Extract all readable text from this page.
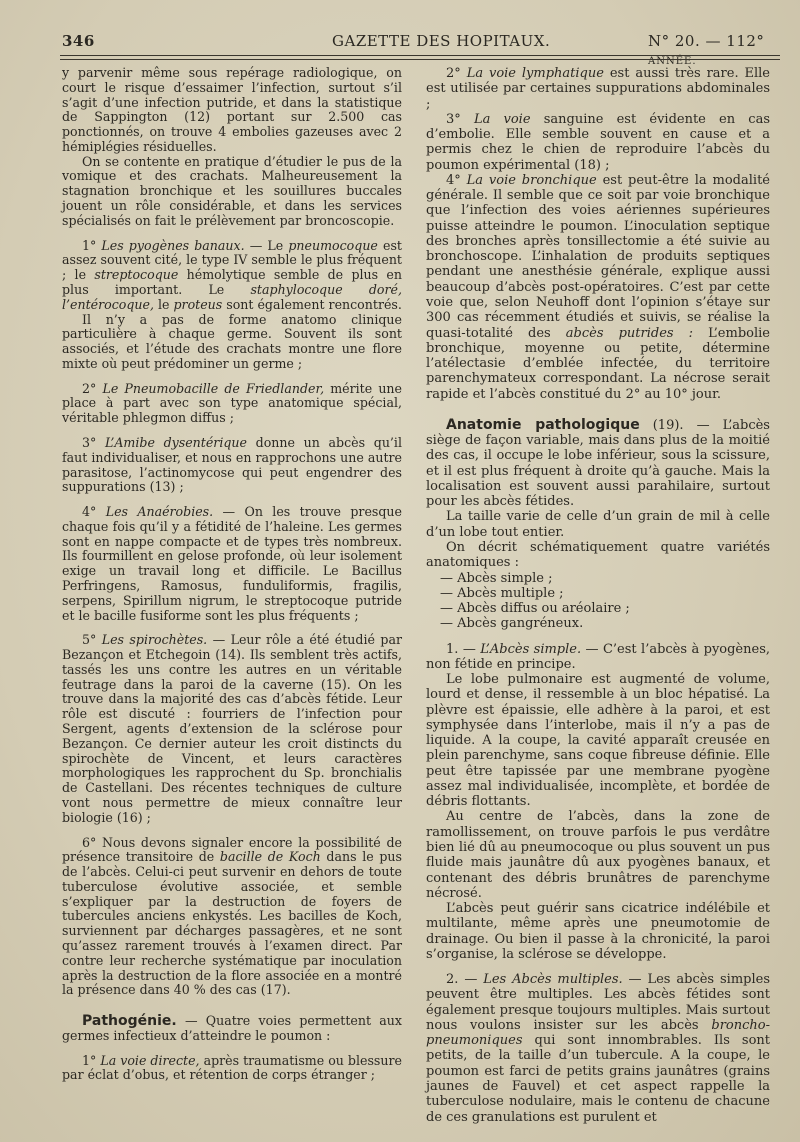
346	GAZETTE DES HOPITAUX.	N° 20. — 112° ANNÉE.

y parvenir même sous repérage radiologique, on court le risque d’essaimer l’infection, surtout s’il s’agit d’une infection putride, et dans la statistique de Sappington (12) portant sur 2.500 cas ponctionnés, on trouve 4 embolies gazeuses avec 2 hémiplégies résiduelles.

On se contente en pratique d’étudier le pus de la vomique et des crachats. Malheureusement la stagnation bronchique et les souillures buccales jouent un rôle considérable, et dans les services spécialisés on fait le prélèvement par broncoscopie.

1° Les pyogènes banaux. — Le pneumocoque est assez souvent cité, le type IV semble le plus fréquent ; le streptocoque hémolytique semble de plus en plus important. Le staphylocoque doré, l’entérocoque, le proteus sont également rencontrés.

Il n’y a pas de forme anatomo clinique particulière à chaque germe. Souvent ils sont associés, et l’étude des crachats montre une flore mixte où peut prédominer un germe ;

2° Le Pneumobacille de Friedlander, mérite une place à part avec son type anatomique spécial, véritable phlegmon diffus ;

3° L’Amibe dysentérique donne un abcès qu’il faut individualiser, et nous en rapprochons une autre parasitose, l’actinomycose qui peut engendrer des suppurations (13) ;

4° Les Anaérobies. — On les trouve presque chaque fois qu’il y a fétidité de l’haleine. Les germes sont en nappe compacte et de types très nombreux. Ils fourmillent en gelose profonde, où leur isolement exige un travail long et difficile. Le Bacillus Perfringens, Ramosus, funduliformis, fragilis, serpens, Spirillum nigrum, le streptocoque putride et le bacille fusiforme sont les plus fréquents ;

5° Les spirochètes. — Leur rôle a été étudié par Bezançon et Etchegoin (14). Ils semblent très actifs, tassés les uns contre les autres en un véritable feutrage dans la paroi de la caverne (15). On les trouve dans la majorité des cas d’abcès fétide. Leur rôle est discuté : fourriers de l’infection pour Sergent, agents d’extension de la sclérose pour Bezançon. Ce dernier auteur les croit distincts du spirochète de Vincent, et leurs caractères morphologiques les rapprochent du Sp. bronchialis de Castellani. Des récentes techniques de culture vont nous permettre de mieux connaître leur biologie (16) ;

6° Nous devons signaler encore la possibilité de présence transitoire de bacille de Koch dans le pus de l’abcès. Celui-ci peut survenir en dehors de toute tuberculose évolutive associée, et semble s’expliquer par la destruction de foyers de tubercules anciens enkystés. Les bacilles de Koch, surviennent par décharges passagères, et ne sont qu’assez rarement trouvés à l’examen direct. Par contre leur recherche systématique par inoculation après la destruction de la flore associée en a montré la présence dans 40 % des cas (17).

Pathogénie. — Quatre voies permettent aux germes infectieux d’atteindre le poumon :

1° La voie directe, après traumatisme ou blessure par éclat d’obus, et rétention de corps étranger ;

2° La voie lymphatique est aussi très rare. Elle est utilisée par certaines suppurations abdominales ;

3° La voie sanguine est évidente en cas d’embolie. Elle semble souvent en cause et a permis chez le chien de reproduire l’abcès du poumon expérimental (18) ;

4° La voie bronchique est peut-être la modalité générale. Il semble que ce soit par voie bronchique que l’infection des voies aériennes supérieures puisse atteindre le poumon. L’inoculation septique des bronches après tonsillectomie a été suivie au bronchoscope. L’inhalation de produits septiques pendant une anesthésie générale, explique aussi beaucoup d’abcès post-opératoires. C’est par cette voie que, selon Neuhoff dont l’opinion s’étaye sur 300 cas récemment étudiés et suivis, se réalise la quasi-totalité des abcès putrides : L’embolie bronchique, moyenne ou petite, détermine l’atélectasie d’emblée infectée, du territoire parenchymateux correspondant. La nécrose serait rapide et l’abcès constitué du 2° au 10° jour.

Anatomie pathologique (19). — L’abcès siège de façon variable, mais dans plus de la moitié des cas, il occupe le lobe inférieur, sous la scissure, et il est plus fréquent à droite qu’à gauche. Mais la localisation est souvent aussi parahilaire, surtout pour les abcès fétides.

La taille varie de celle d’un grain de mil à celle d’un lobe tout entier.

On décrit schématiquement quatre variétés anatomiques :

— Abcès simple ;
— Abcès multiple ;
— Abcès diffus ou aréolaire ;
— Abcès gangréneux.

1. — L’Abcès simple. — C’est l’abcès à pyogènes, non fétide en principe.

Le lobe pulmonaire est augmenté de volume, lourd et dense, il ressemble à un bloc hépatisé. La plèvre est épaissie, elle adhère à la paroi, et est symphysée dans l’interlobe, mais il n’y a pas de liquide. A la coupe, la cavité apparaît creusée en plein parenchyme, sans coque fibreuse définie. Elle peut être tapissée par une membrane pyogène assez mal individualisée, incomplète, et bordée de débris flottants.

Au centre de l’abcès, dans la zone de ramollissement, on trouve parfois le pus verdâtre bien lié dû au pneumocoque ou plus souvent un pus fluide mais jaunâtre dû aux pyogènes banaux, et contenant des débris brunâtres de parenchyme nécrosé.

L’abcès peut guérir sans cicatrice indélébile et multilante, même après une pneumotomie de drainage. Ou bien il passe à la chronicité, la paroi s’organise, la sclérose se développe.

2. — Les Abcès multiples. — Les abcès simples peuvent être multiples. Les abcès fétides sont également presque toujours multiples. Mais surtout nous voulons insister sur les abcès broncho-pneumoniques qui sont innombrables. Ils sont petits, de la taille d’un tubercule. A la coupe, le poumon est farci de petits grains jaunâtres (grains jaunes de Fauvel) et cet aspect rappelle la tuberculose nodulaire, mais le contenu de chacune de ces granulations est purulent et
